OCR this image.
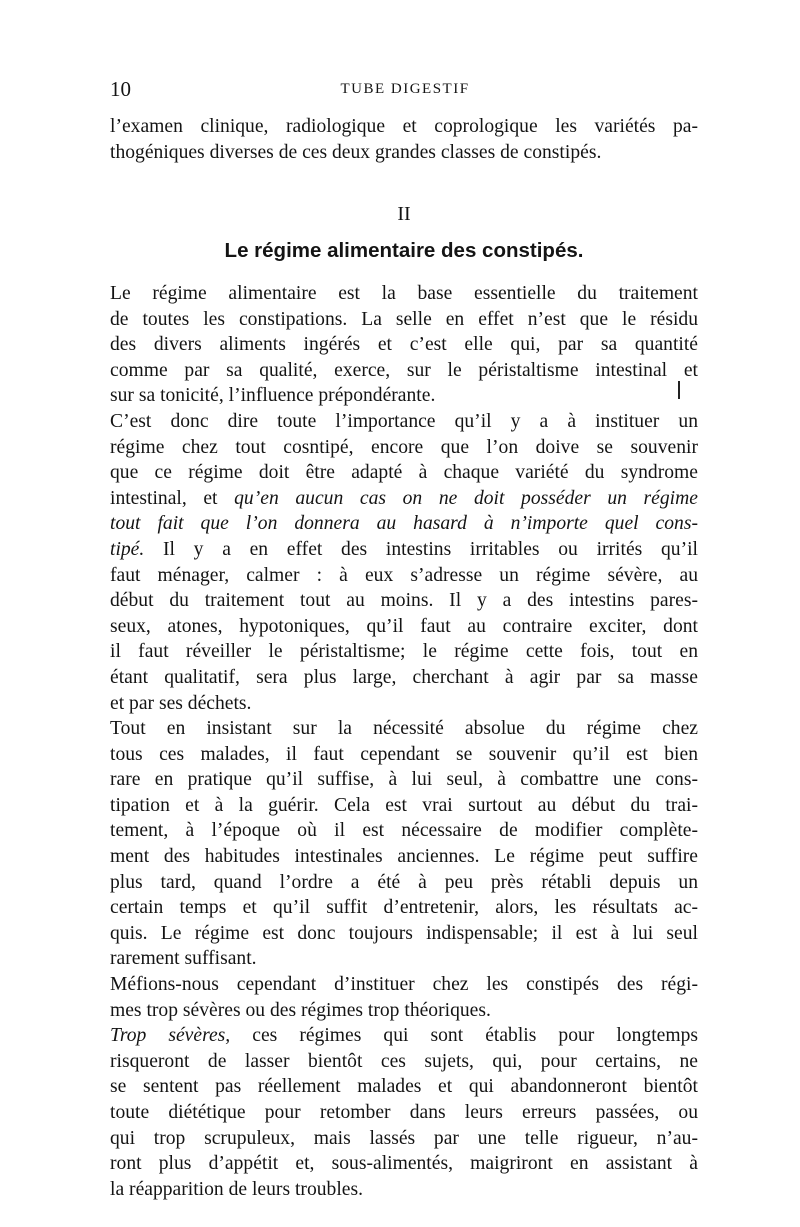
10	TUBE DIGESTIF

l’examen clinique, radiologique et coprologique les variétés pa-
thogéniques diverses de ces deux grandes classes de constipés.

II
Le régime alimentaire des constipés.

Le régime alimentaire est la base essentielle du traitement
de toutes les constipations. La selle en effet n’est que le résidu
des divers aliments ingérés et c’est elle qui, par sa quantité
comme par sa qualité, exerce, sur le péristaltisme intestinal et
sur sa tonicité, l’influence prépondérante.

C’est donc dire toute l’importance qu’il y a à instituer un
régime chez tout cosntipé, encore que l’on doive se souvenir
que ce régime doit être adapté à chaque variété du syndrome
intestinal, et qu’en aucun cas on ne doit posséder un régime
tout fait que l’on donnera au hasard à n’importe quel cons-
tipé. Il y a en effet des intestins irritables ou irrités qu’il
faut ménager, calmer : à eux s’adresse un régime sévère, au
début du traitement tout au moins. Il y a des intestins pares-
seux, atones, hypotoniques, qu’il faut au contraire exciter, dont
il faut réveiller le péristaltisme; le régime cette fois, tout en
étant qualitatif, sera plus large, cherchant à agir par sa masse
et par ses déchets.

Tout en insistant sur la nécessité absolue du régime chez
tous ces malades, il faut cependant se souvenir qu’il est bien
rare en pratique qu’il suffise, à lui seul, à combattre une cons-
tipation et à la guérir. Cela est vrai surtout au début du trai-
tement, à l’époque où il est nécessaire de modifier complète-
ment des habitudes intestinales anciennes. Le régime peut suffire
plus tard, quand l’ordre a été à peu près rétabli depuis un
certain temps et qu’il suffit d’entretenir, alors, les résultats ac-
quis. Le régime est donc toujours indispensable; il est à lui seul
rarement suffisant.

Méfions-nous cependant d’instituer chez les constipés des régi-
mes trop sévères ou des régimes trop théoriques.

Trop sévères, ces régimes qui sont établis pour longtemps
risqueront de lasser bientôt ces sujets, qui, pour certains, ne
se sentent pas réellement malades et qui abandonneront bientôt
toute diététique pour retomber dans leurs erreurs passées, ou
qui trop scrupuleux, mais lassés par une telle rigueur, n’au-
ront plus d’appétit et, sous-alimentés, maigriront en assistant à
la réapparition de leurs troubles.
